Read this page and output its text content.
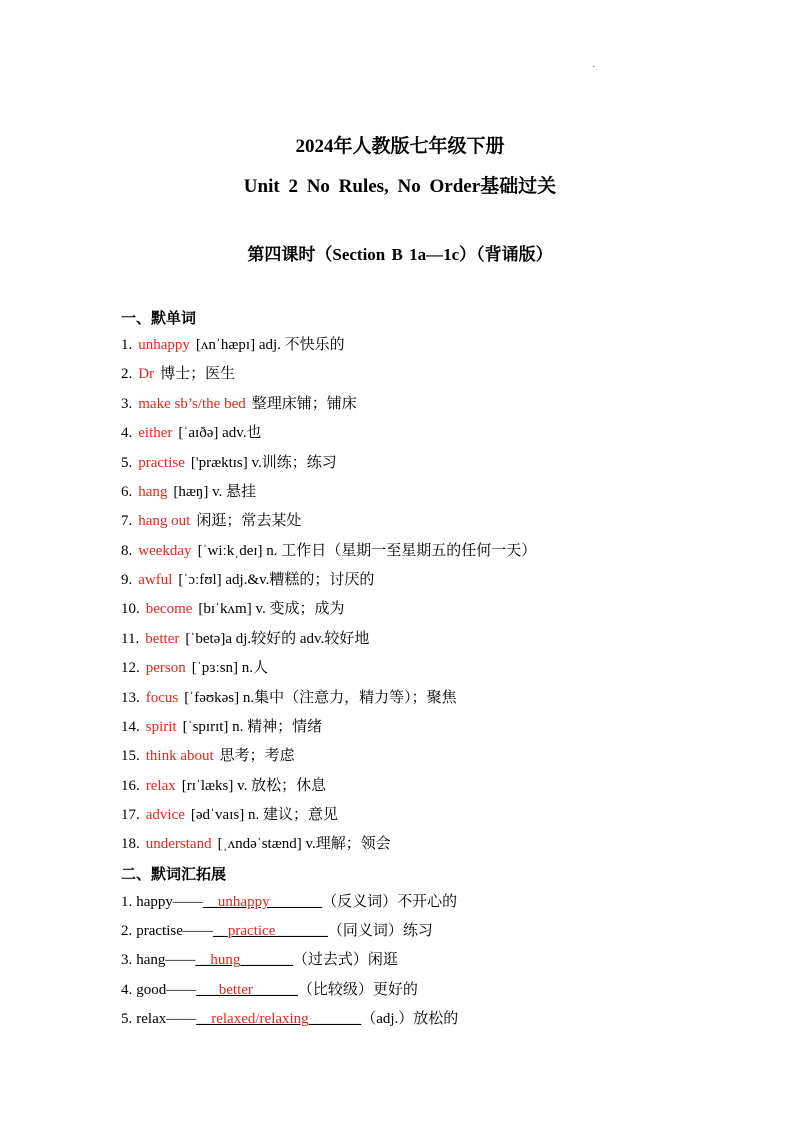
·
2024年人教版七年级下册
Unit 2 No Rules, No Order基础过关
第四课时（Section B 1a—1c）（背诵版）
一、默单词
1. unhappy [ʌnˈhæpɪ] adj. 不快乐的
2. Dr 博士；医生
3. make sb’s/the bed 整理床铺；铺床
4. either [ˈaɪðə] adv.也
5. practise ['præktɪs] v.训练；练习
6. hang [hæŋ] v. 悬挂
7. hang out 闲逛；常去某处
8. weekday [ˈwiːkˌdeɪ] n. 工作日（星期一至星期五的任何一天）
9. awful [ˈɔːfʊl] adj.&v.糟糕的；讨厌的
10. become [bɪˈkʌm] v. 变成；成为
11. better [ˈbetə]a dj.较好的 adv.较好地
12. person [ˈpɜːsn] n.人
13. focus [ˈfəʊkəs] n.集中（注意力，精力等）；聚焦
14. spirit [ˈspɪrɪt] n. 精神；情绪
15. think about 思考；考虑
16. relax [rɪˈlæks] v. 放松；休息
17. advice [ədˈvaɪs] n. 建议；意见
18. understand [ˌʌndəˈstænd] v.理解；领会
二、默词汇拓展
1. happy——__unhappy_______（反义词）不开心的
2. practise——__practice_______（同义词）练习
3. hang——__hung_______（过去式）闲逛
4. good——___better______（比较级）更好的
5. relax——__relaxed/relaxing_______（adj.）放松的
